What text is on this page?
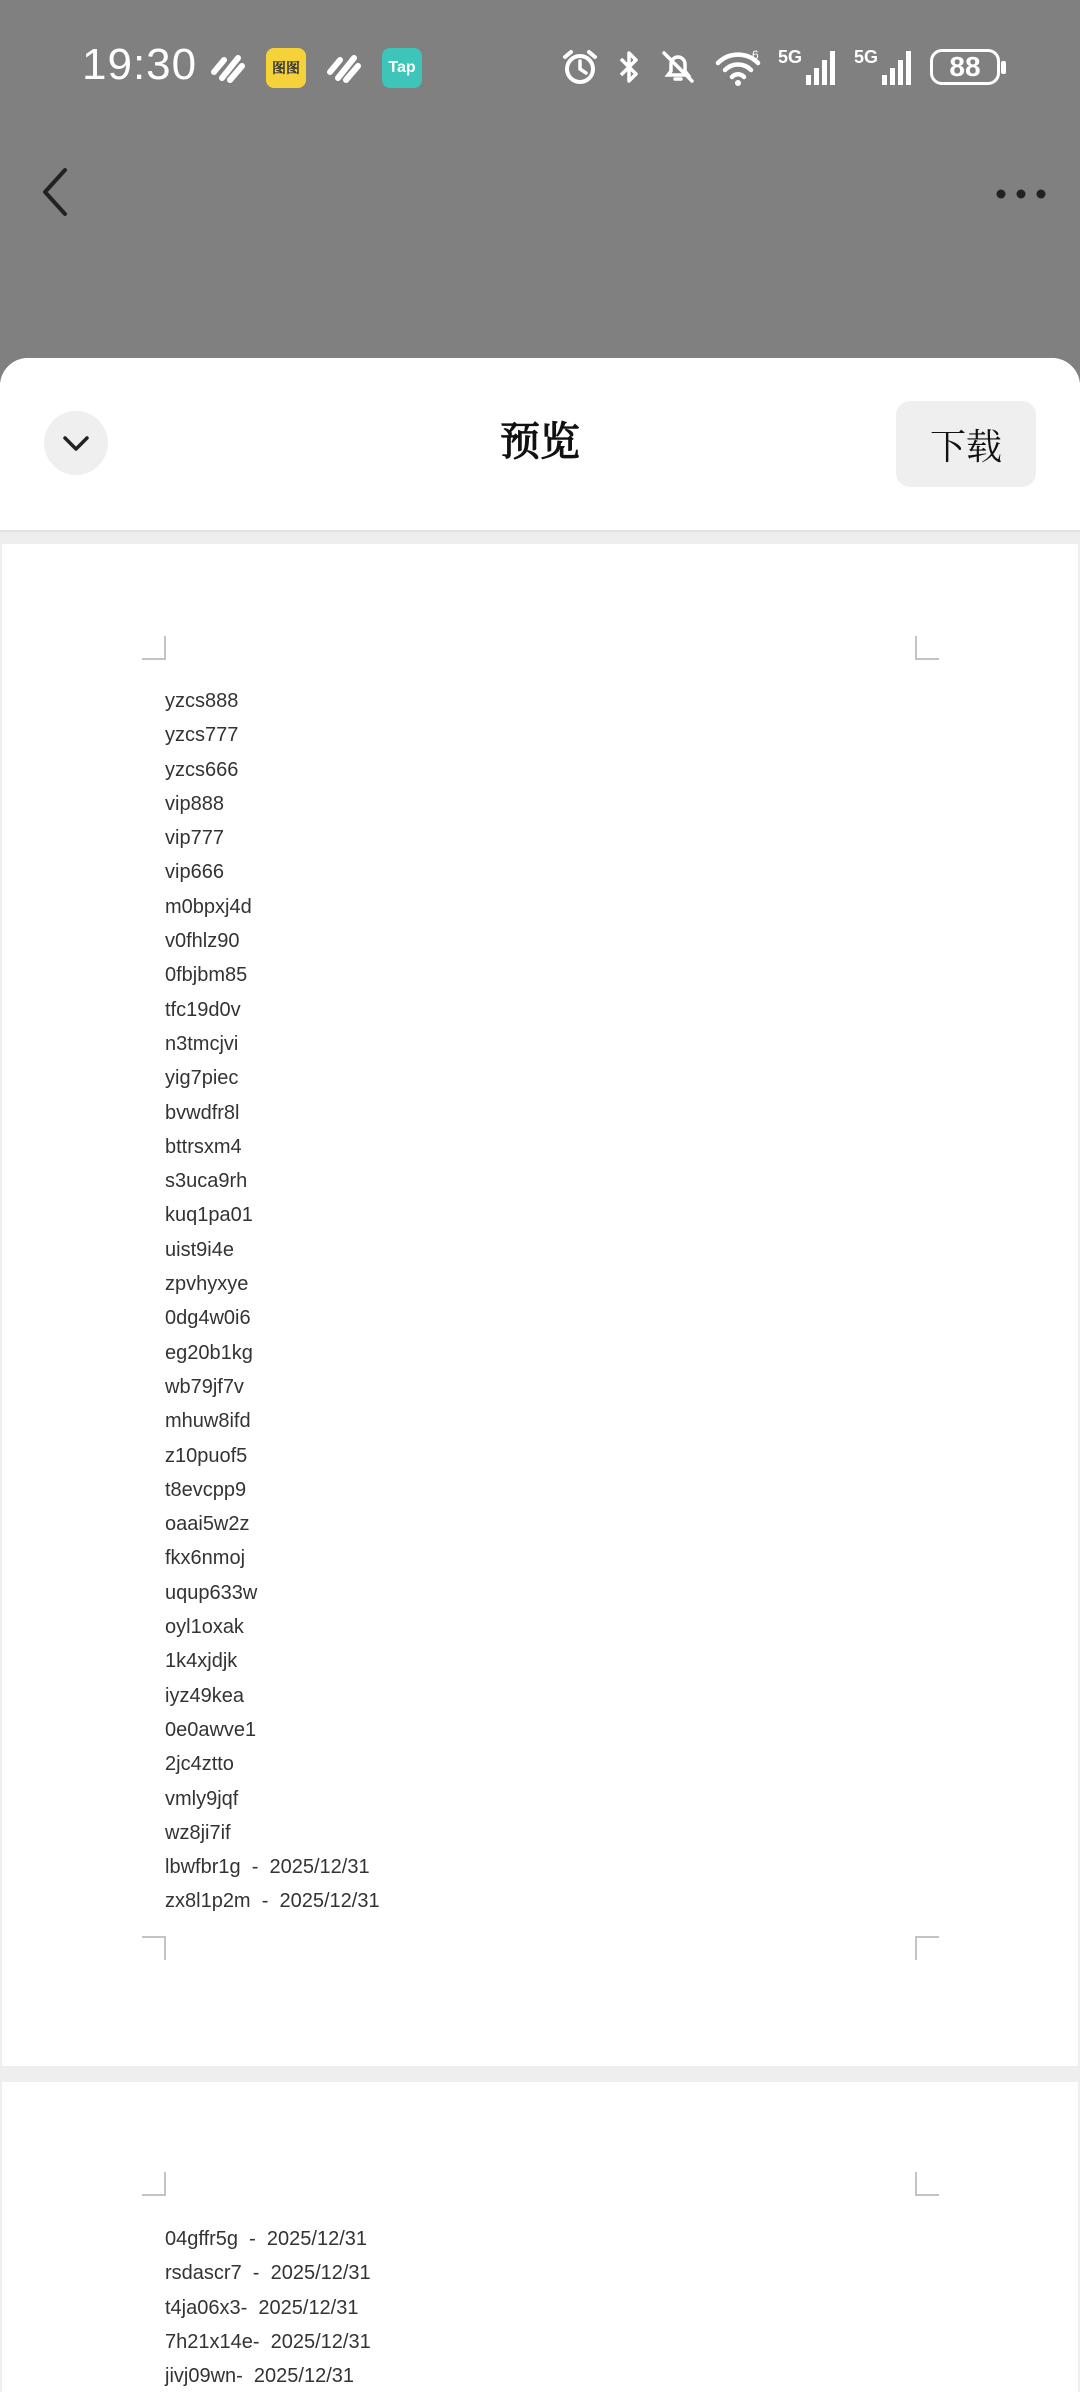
19:30	图图	Tap
6 5G	5G	88
预览	下载
yzcs888
yzcs777
yzcs666
vip888
vip777
vip666
m0bpxj4d
v0fhlz90
0fbjbm85
tfc19d0v
n3tmcjvi
yig7piec
bvwdfr8l
bttrsxm4
s3uca9rh
kuq1pa01
uist9i4e
zpvhyxye
0dg4w0i6
eg20b1kg
wb79jf7v
mhuw8ifd
z10puof5
t8evcpp9
oaai5w2z
fkx6nmoj
uqup633w
oyl1oxak
1k4xjdjk
iyz49kea
0e0awve1
2jc4ztto
vmly9jqf
wz8ji7if
lbwfbr1g  -  2025/12/31
zx8l1p2m  -  2025/12/31
04gffr5g  -  2025/12/31
rsdascr7  -  2025/12/31
t4ja06x3-  2025/12/31
7h21x14e-  2025/12/31
jivj09wn-  2025/12/31
